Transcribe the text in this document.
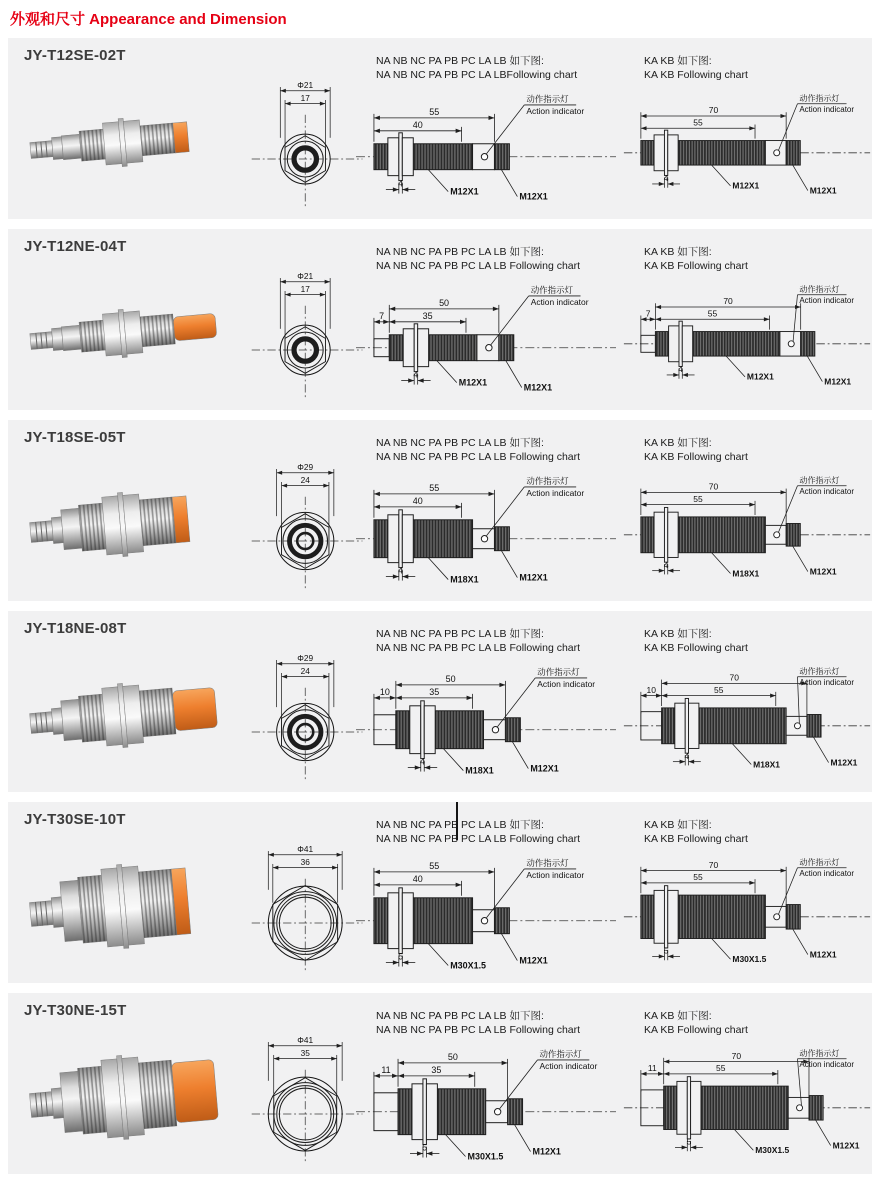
外观和尺寸 Appearance and Dimension
JY-T12SE-02T
Φ21
17
NA NB NC PA PB PC LA LB 如下图:
NA NB NC PA PB PC LA LBFollowing chart
55
40
4
M12X1	M12X1
动作指示灯
Action indicator
KA KB 如下图:
KA KB Following chart
70
55
4
M12X1	M12X1
动作指示灯
Action indicator
JY-T12NE-04T
Φ21
17
NA NB NC PA PB PC LA LB 如下图:
NA NB NC PA PB PC LA LB Following chart
50
35
7
4
M12X1	M12X1
动作指示灯
Action indicator
KA KB 如下图:
KA KB Following chart
70
55
7
4
M12X1	M12X1
动作指示灯
Action indicator
JY-T18SE-05T
Φ29
24
NA NB NC PA PB PC LA LB 如下图:
NA NB NC PA PB PC LA LB Following chart
55
40
4
M18X1	M12X1
动作指示灯
Action indicator
KA KB 如下图:
KA KB Following chart
70
55
4
M18X1	M12X1
动作指示灯
Action indicator
JY-T18NE-08T
Φ29
24
NA NB NC PA PB PC LA LB 如下图:
NA NB NC PA PB PC LA LB Following chart
50
35
10
4
M18X1	M12X1
动作指示灯
Action indicator
KA KB 如下图:
KA KB Following chart
70
55
10
4
M18X1	M12X1
动作指示灯
Action indicator
JY-T30SE-10T
Φ41
36
NA NB NC PA PB PC LA LB 如下图:
NA NB NC PA PB PC LA LB Following chart
55
40
5
M30X1.5	M12X1
动作指示灯
Action indicator
KA KB 如下图:
KA KB Following chart
70
55
5
M30X1.5	M12X1
动作指示灯
Action indicator
JY-T30NE-15T
Φ41
35
NA NB NC PA PB PC LA LB 如下图:
NA NB NC PA PB PC LA LB Following chart
50
35
11
5
M30X1.5	M12X1
动作指示灯
Action indicator
KA KB 如下图:
KA KB Following chart
70
55
11
5
M30X1.5	M12X1
动作指示灯
Action indicator
